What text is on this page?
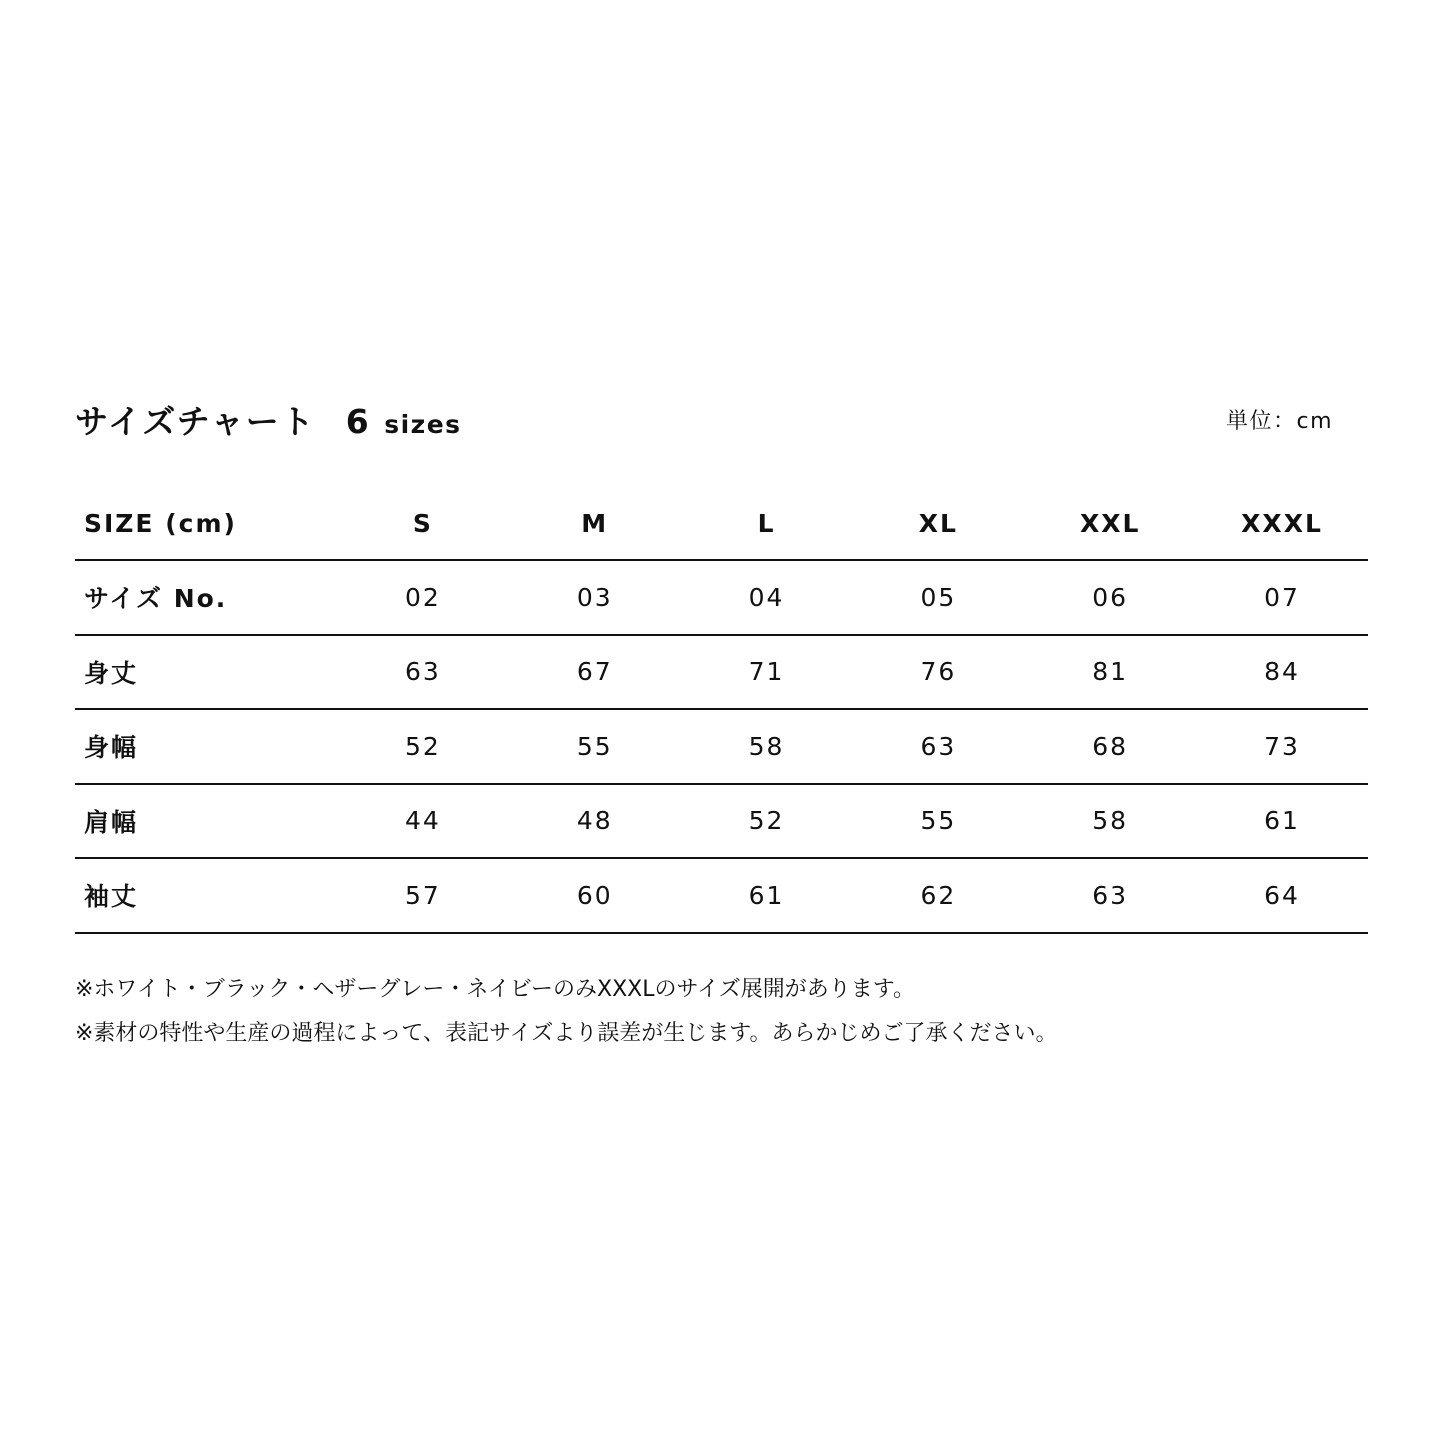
サイズチャート 6 sizes	単位：cm
SIZE (cm)	S	M	L	XL	XXL	XXXL
サイズ No.	02	03	04	05	06	07
身丈	63	67	71	76	81	84
身幅	52	55	58	63	68	73
肩幅	44	48	52	55	58	61
袖丈	57	60	61	62	63	64

※ホワイト・ブラック・ヘザーグレー・ネイビーのみXXXLのサイズ展開があります。

※素材の特性や生産の過程によって、表記サイズより誤差が生じます。あらかじめご了承ください。
